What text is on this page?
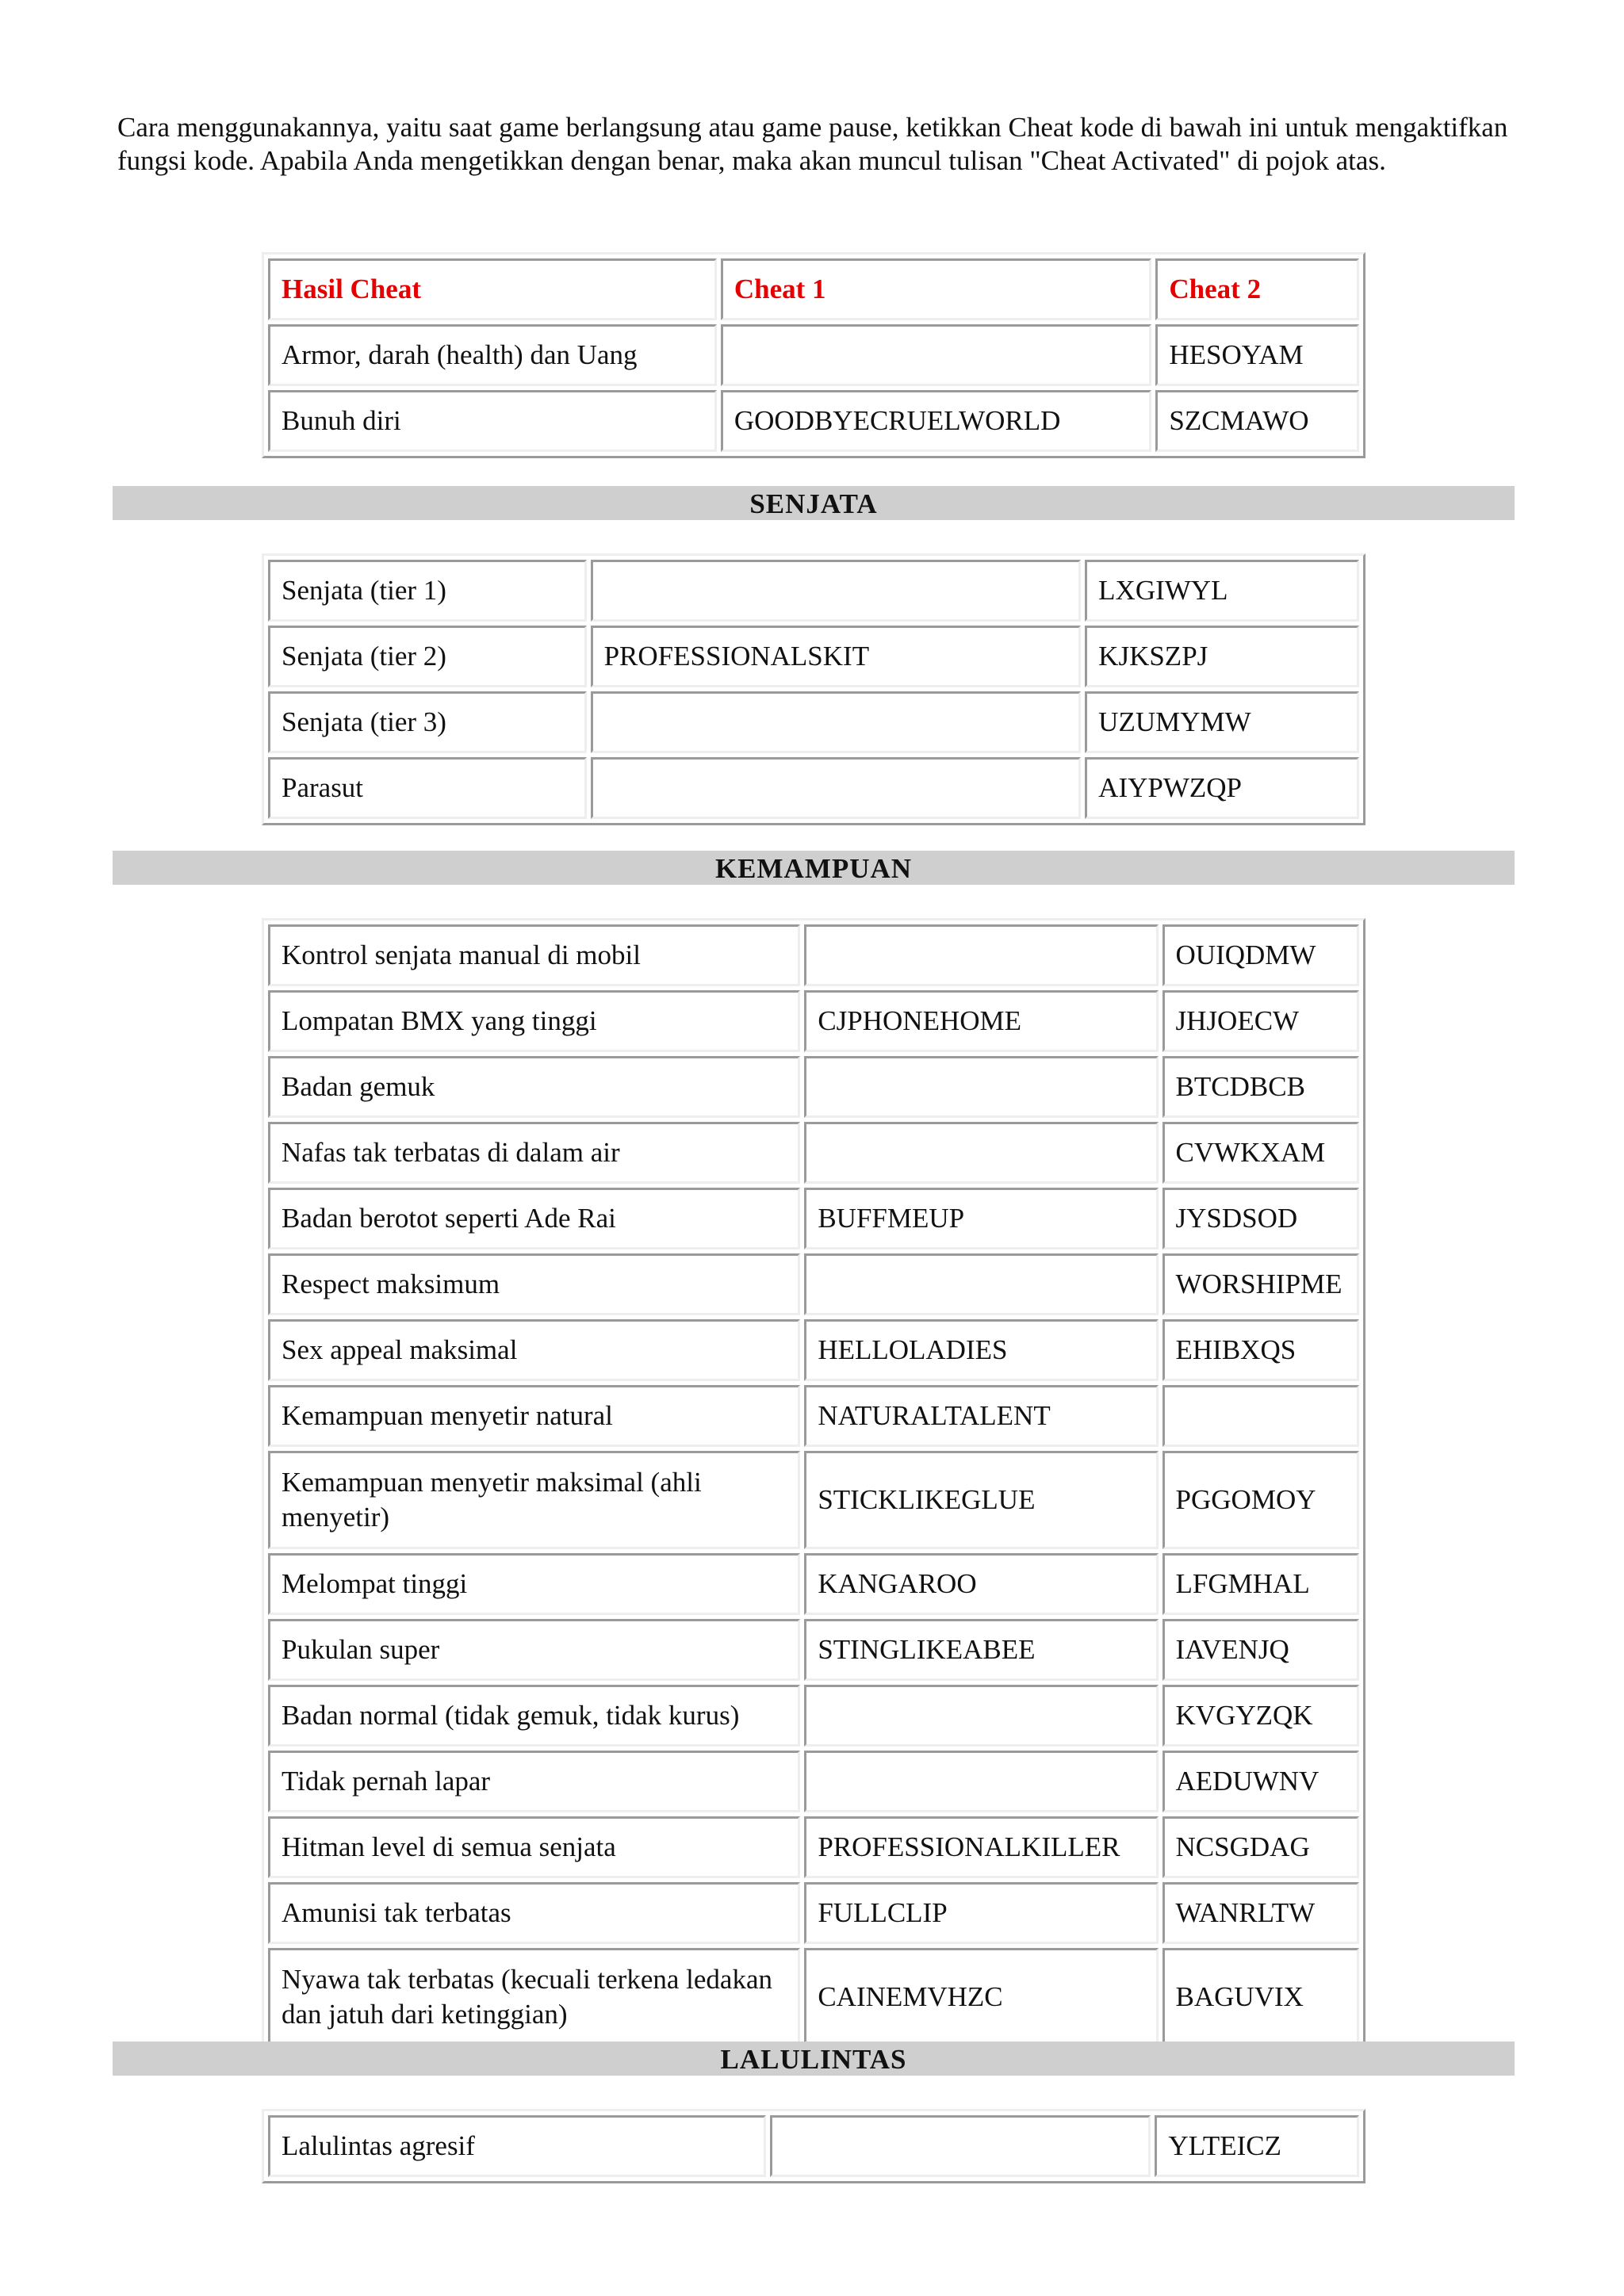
Cara menggunakannya, yaitu saat game berlangsung atau game pause, ketikkan Cheat kode di bawah ini untuk mengaktifkan fungsi kode. Apabila Anda mengetikkan dengan benar, maka akan muncul tulisan "Cheat Activated" di pojok atas.

Hasil Cheat	Cheat 1	Cheat 2
Armor, darah (health) dan Uang		HESOYAM
Bunuh diri	GOODBYECRUELWORLD	SZCMAWO
SENJATA
Senjata (tier 1)		LXGIWYL
Senjata (tier 2)	PROFESSIONALSKIT	KJKSZPJ
Senjata (tier 3)		UZUMYMW
Parasut		AIYPWZQP
KEMAMPUAN
Kontrol senjata manual di mobil		OUIQDMW
Lompatan BMX yang tinggi	CJPHONEHOME	JHJOECW
Badan gemuk		BTCDBCB
Nafas tak terbatas di dalam air		CVWKXAM
Badan berotot seperti Ade Rai	BUFFMEUP	JYSDSOD
Respect maksimum		WORSHIPME
Sex appeal maksimal	HELLOLADIES	EHIBXQS
Kemampuan menyetir natural	NATURALTALENT	
Kemampuan menyetir maksimal (ahli menyetir)	STICKLIKEGLUE	PGGOMOY
Melompat tinggi	KANGAROO	LFGMHAL
Pukulan super	STINGLIKEABEE	IAVENJQ
Badan normal (tidak gemuk, tidak kurus)		KVGYZQK
Tidak pernah lapar		AEDUWNV
Hitman level di semua senjata	PROFESSIONALKILLER	NCSGDAG
Amunisi tak terbatas	FULLCLIP	WANRLTW
Nyawa tak terbatas (kecuali terkena ledakan dan jatuh dari ketinggian)	CAINEMVHZC	BAGUVIX
LALULINTAS
Lalulintas agresif		YLTEICZ
